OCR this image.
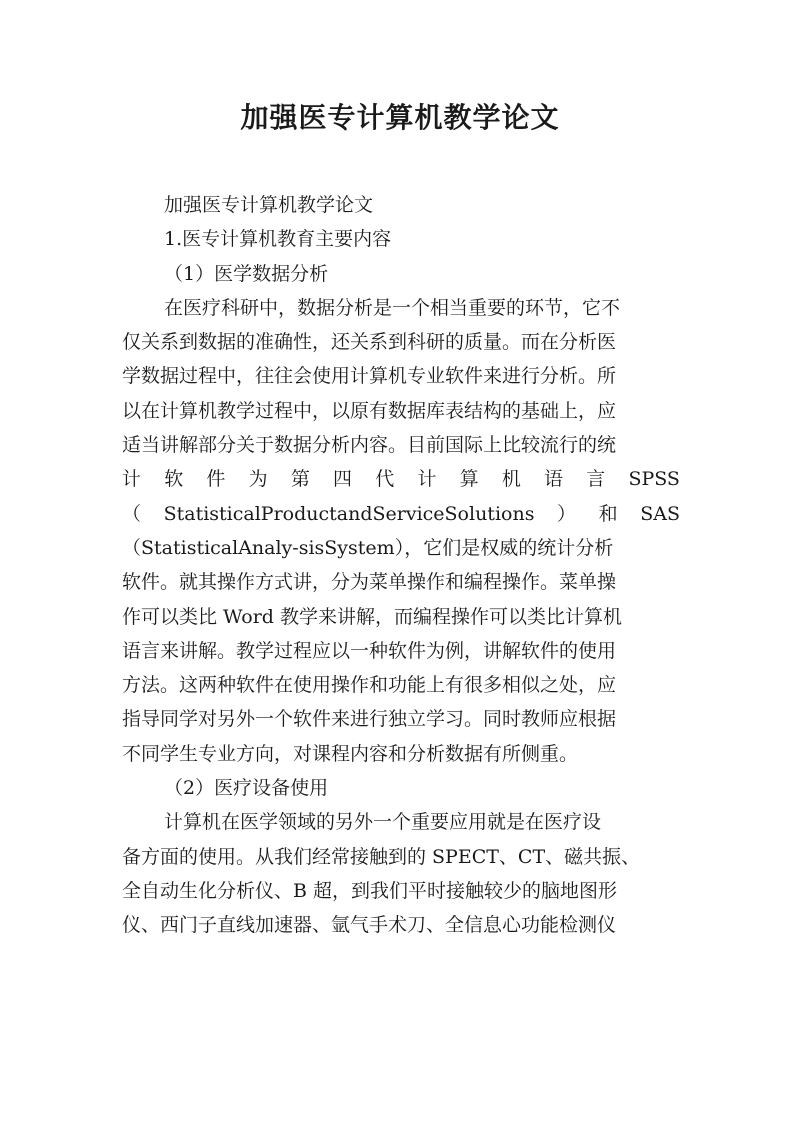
加强医专计算机教学论文
加强医专计算机教学论文
1.医专计算机教育主要内容
（1）医学数据分析
在医疗科研中，数据分析是一个相当重要的环节，它不
仅关系到数据的准确性，还关系到科研的质量。而在分析医
学数据过程中，往往会使用计算机专业软件来进行分析。所
以在计算机教学过程中，以原有数据库表结构的基础上，应
适当讲解部分关于数据分析内容。目前国际上比较流行的统
计 软 件 为 第 四 代 计 算 机 语 言 SPSS
（ StatisticalProductandServiceSolutions ） 和 SAS
（StatisticalAnaly-sisSystem），它们是权威的统计分析
软件。就其操作方式讲，分为菜单操作和编程操作。菜单操
作可以类比 Word 教学来讲解，而编程操作可以类比计算机
语言来讲解。教学过程应以一种软件为例，讲解软件的使用
方法。这两种软件在使用操作和功能上有很多相似之处，应
指导同学对另外一个软件来进行独立学习。同时教师应根据
不同学生专业方向，对课程内容和分析数据有所侧重。
（2）医疗设备使用
计算机在医学领域的另外一个重要应用就是在医疗设
备方面的使用。从我们经常接触到的 SPECT、CT、磁共振、
全自动生化分析仪、B 超，到我们平时接触较少的脑地图形
仪、西门子直线加速器、氩气手术刀、全信息心功能检测仪
